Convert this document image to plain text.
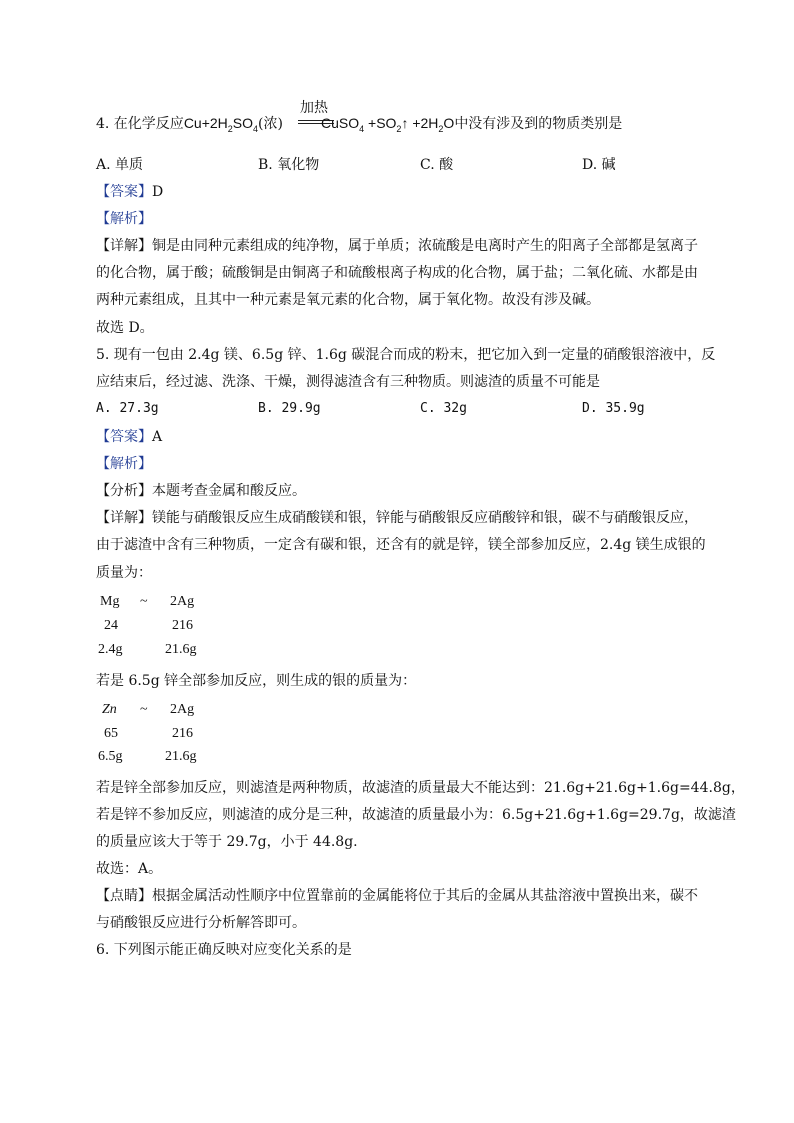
加热
4. 在化学反应$Cu+2H_2SO_4$(浓)	CuSO$_4$ $+SO_2↑ +2H_2O$中没有涉及到的物质类别是
A. 单质	B. 氧化物	C. 酸	D. 碱
【答案】D
【解析】
【详解】铜是由同种元素组成的纯净物，属于单质；浓硫酸是电离时产生的阳离子全部都是氢离子
的化合物，属于酸；硫酸铜是由铜离子和硫酸根离子构成的化合物，属于盐；二氧化硫、水都是由
两种元素组成，且其中一种元素是氧元素的化合物，属于氧化物。故没有涉及碱。
故选 D。
5. 现有一包由 2.4g 镁、6.5g 锌、1.6g 碳混合而成的粉末，把它加入到一定量的硝酸银溶液中，反
应结束后，经过滤、洗涤、干燥，测得滤渣含有三种物质。则滤渣的质量不可能是
A. 27.3g	B. 29.9g	C. 32g	D. 35.9g
【答案】A
【解析】
【分析】本题考查金属和酸反应。
【详解】镁能与硝酸银反应生成硝酸镁和银，锌能与硝酸银反应硝酸锌和银，碳不与硝酸银反应，
由于滤渣中含有三种物质，一定含有碳和银，还含有的就是锌，镁全部参加反应，2.4g 镁生成银的
质量为：
Mg ~ 2Ag
24	216
2.4g	21.6g
若是 6.5g 锌全部参加反应，则生成的银的质量为：
Zn ~ 2Ag
65	216
6.5g	21.6g
若是锌全部参加反应，则滤渣是两种物质，故滤渣的质量最大不能达到：21.6g+21.6g+1.6g=44.8g，
若是锌不参加反应，则滤渣的成分是三种，故滤渣的质量最小为：6.5g+21.6g+1.6g=29.7g，故滤渣
的质量应该大于等于 29.7g，小于 44.8g.
故选：A。
【点睛】根据金属活动性顺序中位置靠前的金属能将位于其后的金属从其盐溶液中置换出来，碳不
与硝酸银反应进行分析解答即可。
6. 下列图示能正确反映对应变化关系的是
